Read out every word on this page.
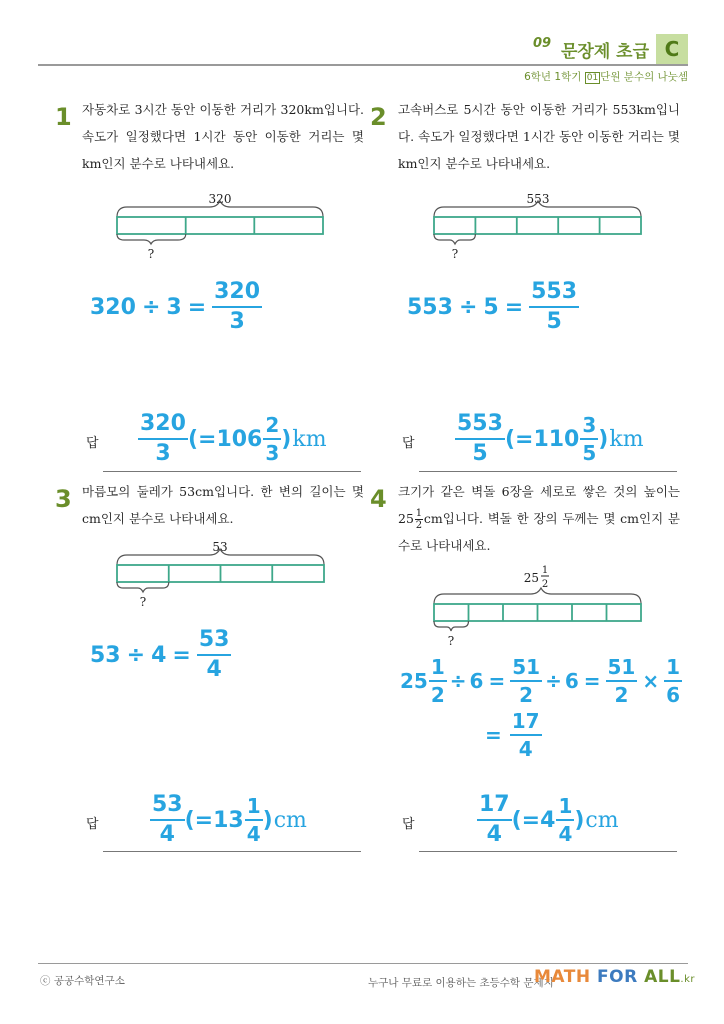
09 문장제 초급 C
6학년 1학기 01 단원 분수의 나눗셈
1 자동차로 3시간 동안 이동한 거리가 320km입니다. 속도가 일정했다면 1시간 동안 이동한 거리는 몇 km인지 분수로 나타내세요.
320
?
$320 \div 3 = \frac{320}{3}$
답 $\frac{320}{3}$ (= $106 \frac{2}{3}$ ) km
2 고속버스로 5시간 동안 이동한 거리가 553km입니다. 속도가 일정했다면 1시간 동안 이동한 거리는 몇 km인지 분수로 나타내세요.
553
?
$553 \div 5 = \frac{553}{5}$
답 $\frac{553}{5}$ (= $110 \frac{3}{5}$ ) km
3 마름모의 둘레가 53cm입니다. 한 변의 길이는 몇 cm인지 분수로 나타내세요.
53
?
$53 \div 4 = \frac{53}{4}$
답 $\frac{53}{4}$ (= $13 \frac{1}{4}$ ) cm
4 크기가 같은 벽돌 6장을 세로로 쌓은 것의 높이는 $25 \frac{1}{2}$ cm입니다. 벽돌 한 장의 두께는 몇 cm인지 분수로 나타내세요.
25
1
2
?
$25 \frac{1}{2} \div 6 = \frac{51}{2} \div 6 = \frac{51}{2} \times \frac{1}{6}$
= $\frac{17}{4}$
답	$\frac{17}{4}$ (= $4 \frac{1}{4}$ ) cm
ⓒ 공공수학연구소	누구나 무료로 이용하는 초등수학 문제지
MATH FOR ALL.kr
